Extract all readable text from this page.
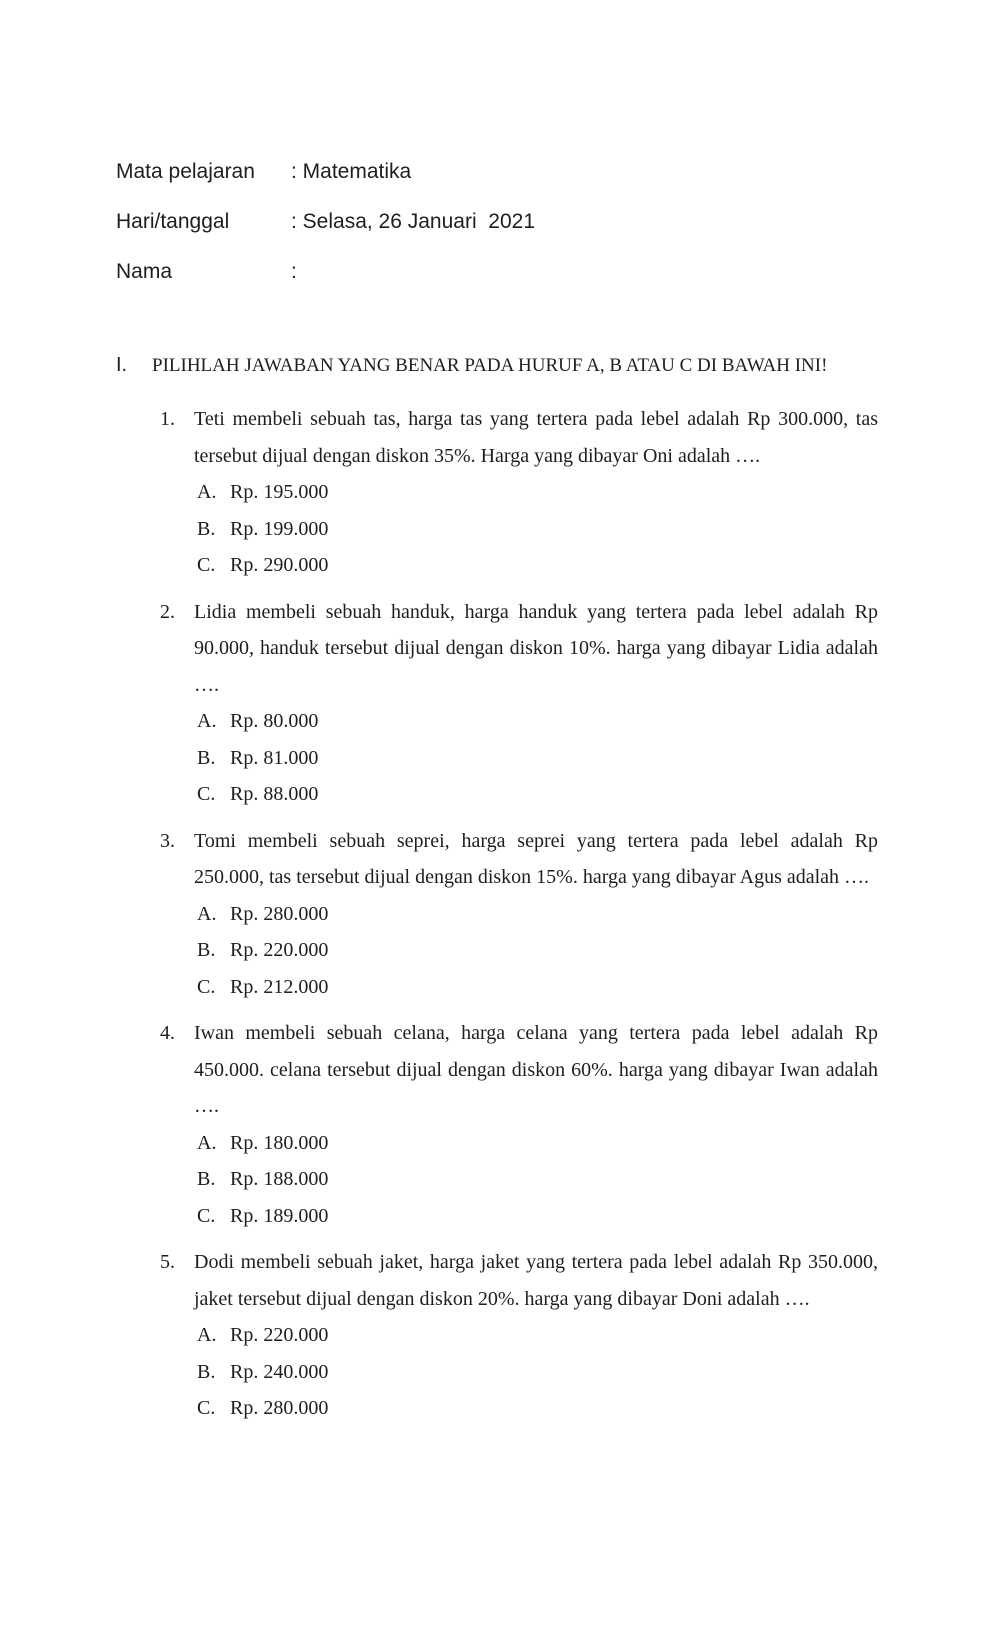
Mata pelajaran	: Matematika
Hari/tanggal	: Selasa, 26 Januari  2021
Nama	:
I.	PILIHLAH JAWABAN YANG BENAR PADA HURUF A, B ATAU C DI BAWAH INI!
1. Teti membeli sebuah tas, harga tas yang tertera pada lebel adalah Rp 300.000, tas tersebut dijual dengan diskon 35%. Harga yang dibayar Oni adalah ….
A. Rp. 195.000
B. Rp. 199.000
C. Rp. 290.000
2. Lidia membeli sebuah handuk, harga handuk yang tertera pada lebel adalah Rp 90.000, handuk tersebut dijual dengan diskon 10%. harga yang dibayar Lidia adalah ….
A. Rp. 80.000
B. Rp. 81.000
C. Rp. 88.000
3. Tomi membeli sebuah seprei, harga seprei yang tertera pada lebel adalah Rp 250.000, tas tersebut dijual dengan diskon 15%. harga yang dibayar Agus adalah ….
A. Rp. 280.000
B. Rp. 220.000
C. Rp. 212.000
4. Iwan membeli sebuah celana, harga celana yang tertera pada lebel adalah Rp 450.000. celana tersebut dijual dengan diskon 60%. harga yang dibayar Iwan adalah ….
A. Rp. 180.000
B. Rp. 188.000
C. Rp. 189.000
5. Dodi membeli sebuah jaket, harga jaket yang tertera pada lebel adalah Rp 350.000, jaket tersebut dijual dengan diskon 20%. harga yang dibayar Doni adalah ….
A. Rp. 220.000
B. Rp. 240.000
C. Rp. 280.000
